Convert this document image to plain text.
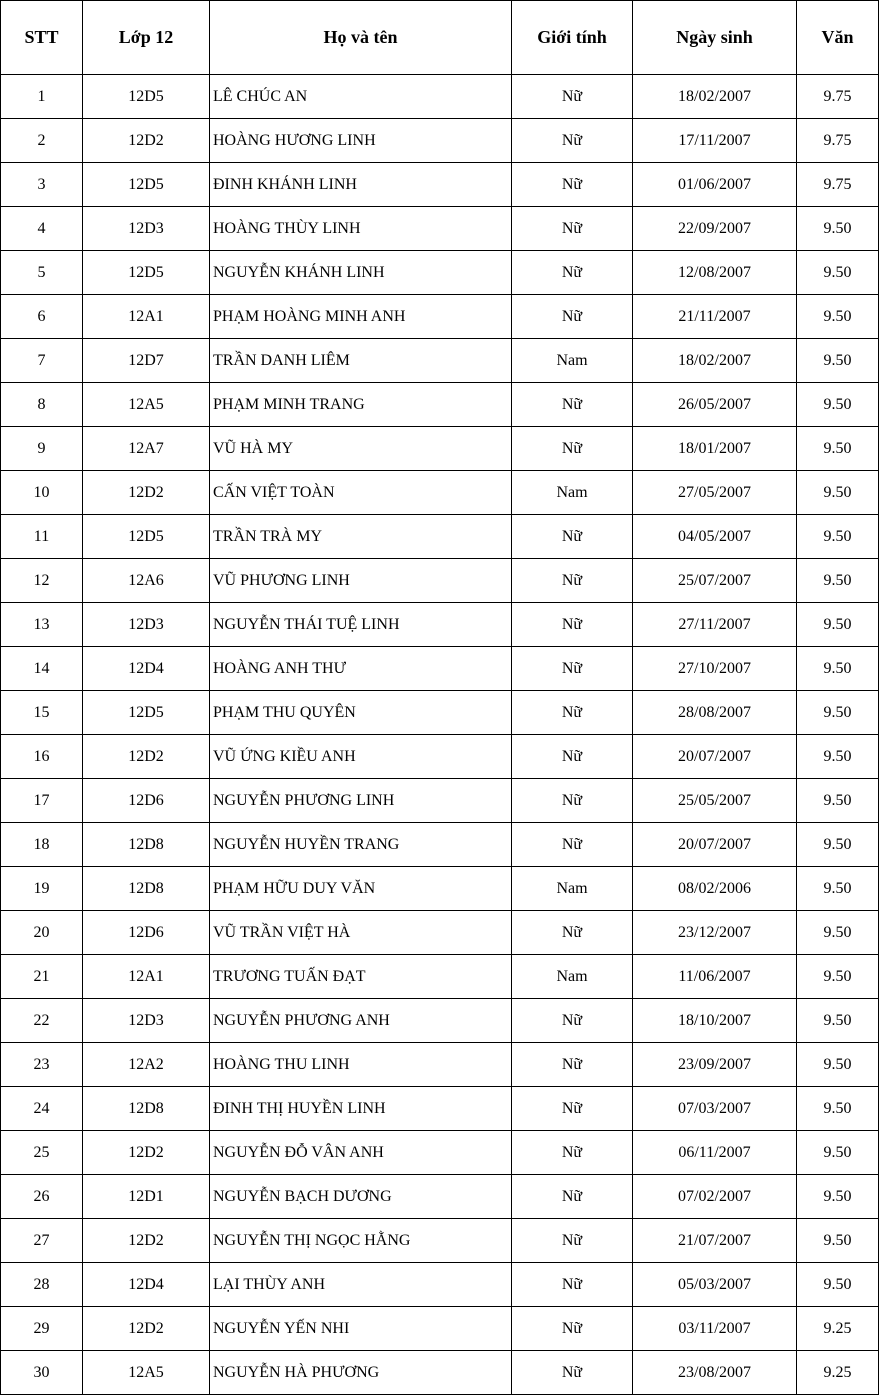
STT	Lớp 12	Họ và tên	Giới tính	Ngày sinh	Văn
1	12D5	LÊ CHÚC AN	Nữ	18/02/2007	9.75
2	12D2	HOÀNG HƯƠNG LINH	Nữ	17/11/2007	9.75
3	12D5	ĐINH KHÁNH LINH	Nữ	01/06/2007	9.75
4	12D3	HOÀNG THÙY LINH	Nữ	22/09/2007	9.50
5	12D5	NGUYỄN KHÁNH LINH	Nữ	12/08/2007	9.50
6	12A1	PHẠM HOÀNG MINH ANH	Nữ	21/11/2007	9.50
7	12D7	TRẦN DANH LIÊM	Nam	18/02/2007	9.50
8	12A5	PHẠM MINH TRANG	Nữ	26/05/2007	9.50
9	12A7	VŨ HÀ MY	Nữ	18/01/2007	9.50
10	12D2	CẤN VIỆT TOÀN	Nam	27/05/2007	9.50
11	12D5	TRẦN TRÀ MY	Nữ	04/05/2007	9.50
12	12A6	VŨ PHƯƠNG LINH	Nữ	25/07/2007	9.50
13	12D3	NGUYỄN THÁI TUỆ LINH	Nữ	27/11/2007	9.50
14	12D4	HOÀNG ANH THƯ	Nữ	27/10/2007	9.50
15	12D5	PHẠM THU QUYÊN	Nữ	28/08/2007	9.50
16	12D2	VŨ ỨNG KIỀU ANH	Nữ	20/07/2007	9.50
17	12D6	NGUYỄN PHƯƠNG LINH	Nữ	25/05/2007	9.50
18	12D8	NGUYỄN HUYỀN TRANG	Nữ	20/07/2007	9.50
19	12D8	PHẠM HỮU DUY VĂN	Nam	08/02/2006	9.50
20	12D6	VŨ TRẦN VIỆT HÀ	Nữ	23/12/2007	9.50
21	12A1	TRƯƠNG TUẤN ĐẠT	Nam	11/06/2007	9.50
22	12D3	NGUYỄN PHƯƠNG ANH	Nữ	18/10/2007	9.50
23	12A2	HOÀNG THU LINH	Nữ	23/09/2007	9.50
24	12D8	ĐINH THỊ HUYỀN LINH	Nữ	07/03/2007	9.50
25	12D2	NGUYỄN ĐỖ VÂN ANH	Nữ	06/11/2007	9.50
26	12D1	NGUYỄN BẠCH DƯƠNG	Nữ	07/02/2007	9.50
27	12D2	NGUYỄN THỊ NGỌC HẰNG	Nữ	21/07/2007	9.50
28	12D4	LẠI THÙY ANH	Nữ	05/03/2007	9.50
29	12D2	NGUYỄN YẾN NHI	Nữ	03/11/2007	9.25
30	12A5	NGUYỄN HÀ PHƯƠNG	Nữ	23/08/2007	9.25
